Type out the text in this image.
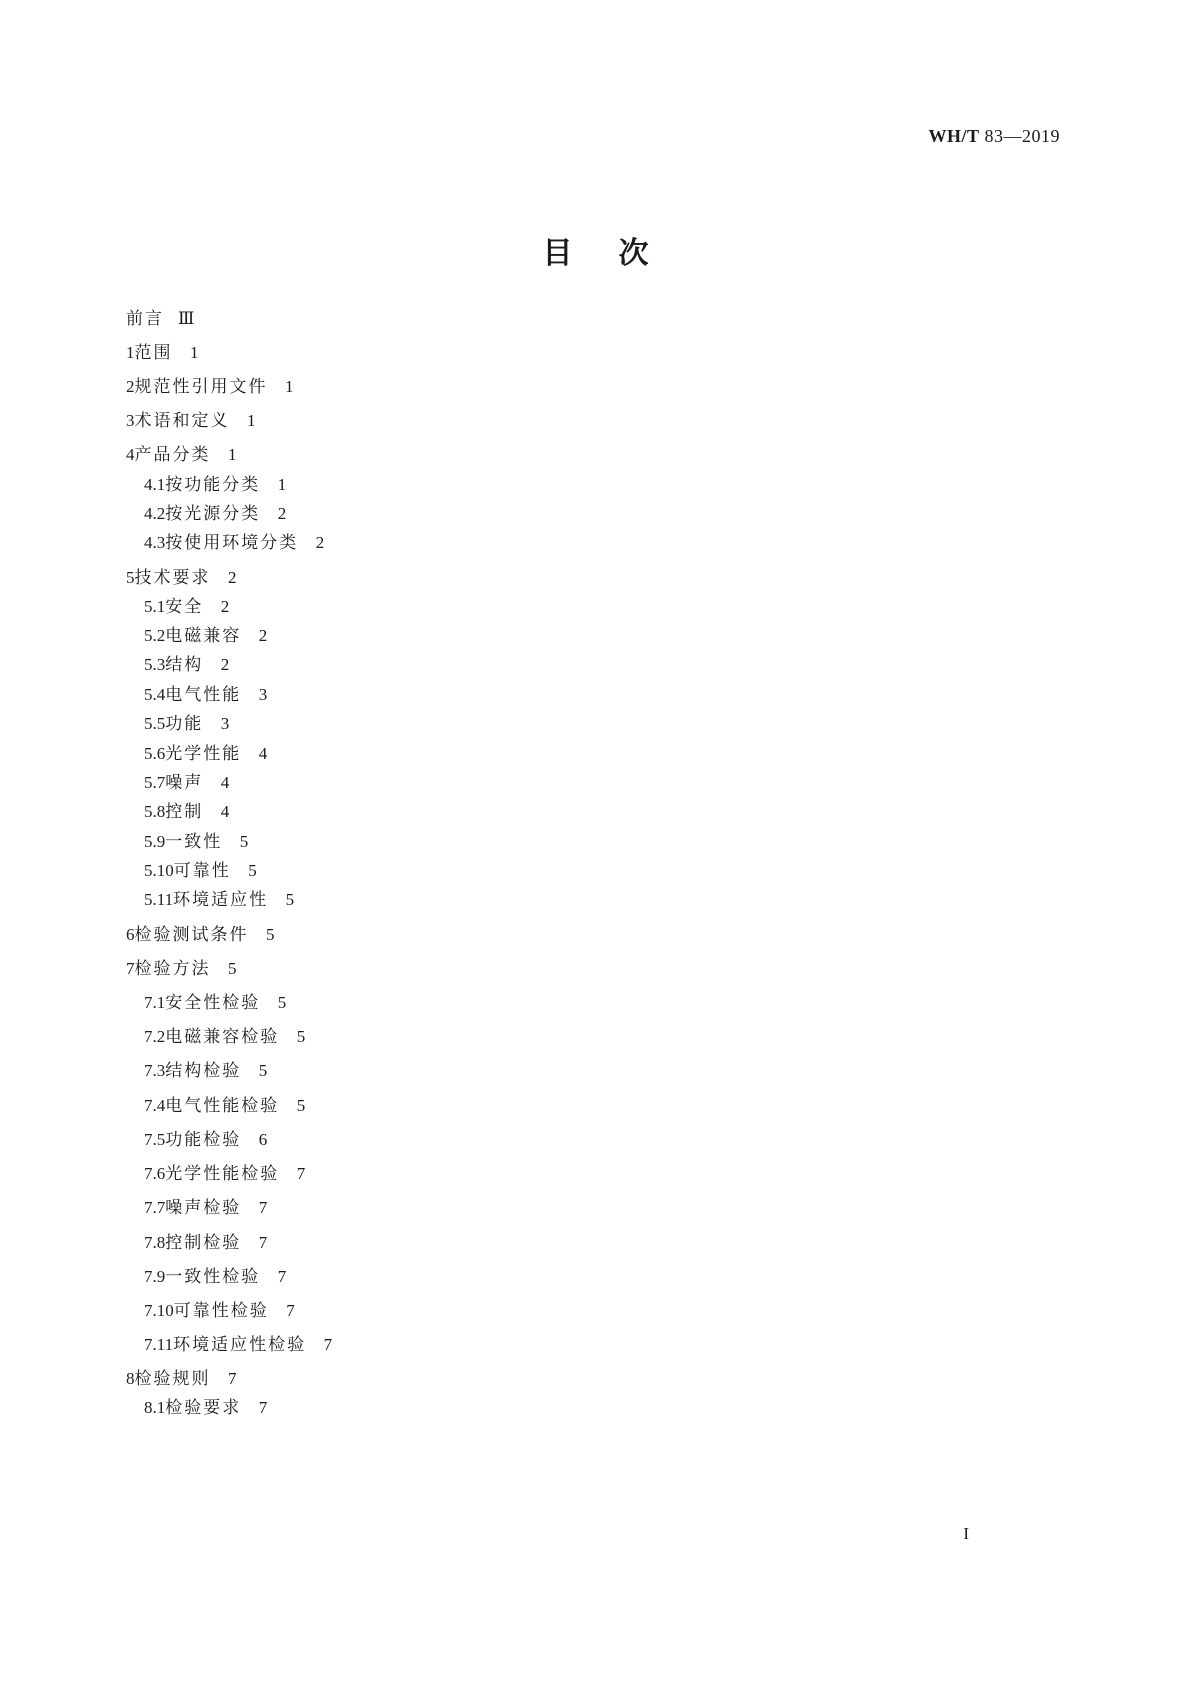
WH/T 83—2019
目次
前言 Ⅲ
1 范围 1
2 规范性引用文件 1
3 术语和定义 1
4 产品分类 1
4.1 按功能分类 1
4.2 按光源分类 2
4.3 按使用环境分类 2
5 技术要求 2
5.1 安全 2
5.2 电磁兼容 2
5.3 结构 2
5.4 电气性能 3
5.5 功能 3
5.6 光学性能 4
5.7 噪声 4
5.8 控制 4
5.9 一致性 5
5.10 可靠性 5
5.11 环境适应性 5
6 检验测试条件 5
7 检验方法 5
7.1 安全性检验 5
7.2 电磁兼容检验 5
7.3 结构检验 5
7.4 电气性能检验 5
7.5 功能检验 6
7.6 光学性能检验 7
7.7 噪声检验 7
7.8 控制检验 7
7.9 一致性检验 7
7.10 可靠性检验 7
7.11 环境适应性检验 7
8 检验规则 7
8.1 检验要求 7
I
